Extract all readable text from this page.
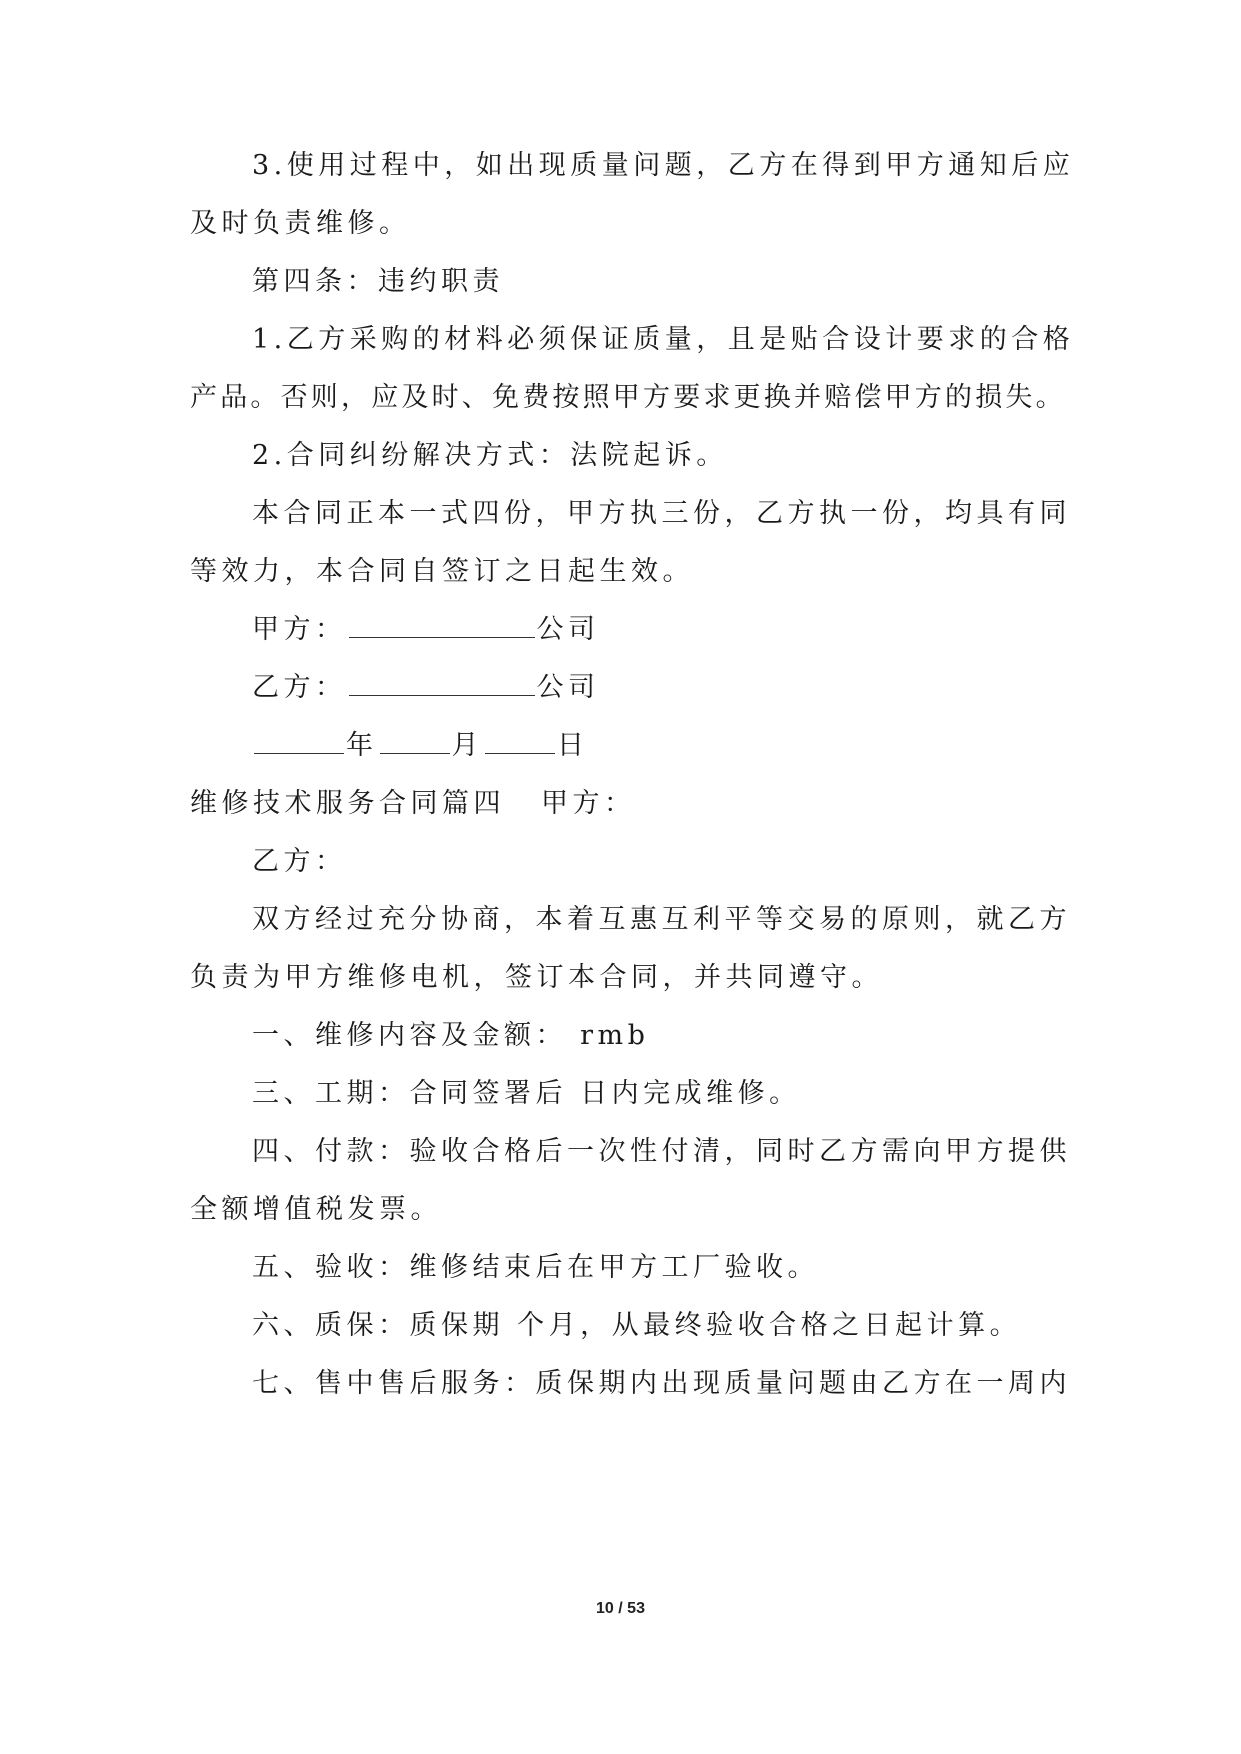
3.使用过程中，如出现质量问题，乙方在得到甲方通知后应
及时负责维修。
第四条：违约职责
1.乙方采购的材料必须保证质量，且是贴合设计要求的合格
产品。否则，应及时、免费按照甲方要求更换并赔偿甲方的损失。
2.合同纠纷解决方式：法院起诉。
本合同正本一式四份，甲方执三份，乙方执一份，均具有同
等效力，本合同自签订之日起生效。
甲方：	公司
乙方：	公司
年	月	日
维修技术服务合同篇四 甲方：
乙方：
双方经过充分协商，本着互惠互利平等交易的原则，就乙方
负责为甲方维修电机，签订本合同，并共同遵守。
一、维修内容及金额： rmb
三、工期：合同签署后 日内完成维修。
四、付款：验收合格后一次性付清，同时乙方需向甲方提供
全额增值税发票。
五、验收：维修结束后在甲方工厂验收。
六、质保：质保期 个月，从最终验收合格之日起计算。
七、售中售后服务：质保期内出现质量问题由乙方在一周内
10 / 53
